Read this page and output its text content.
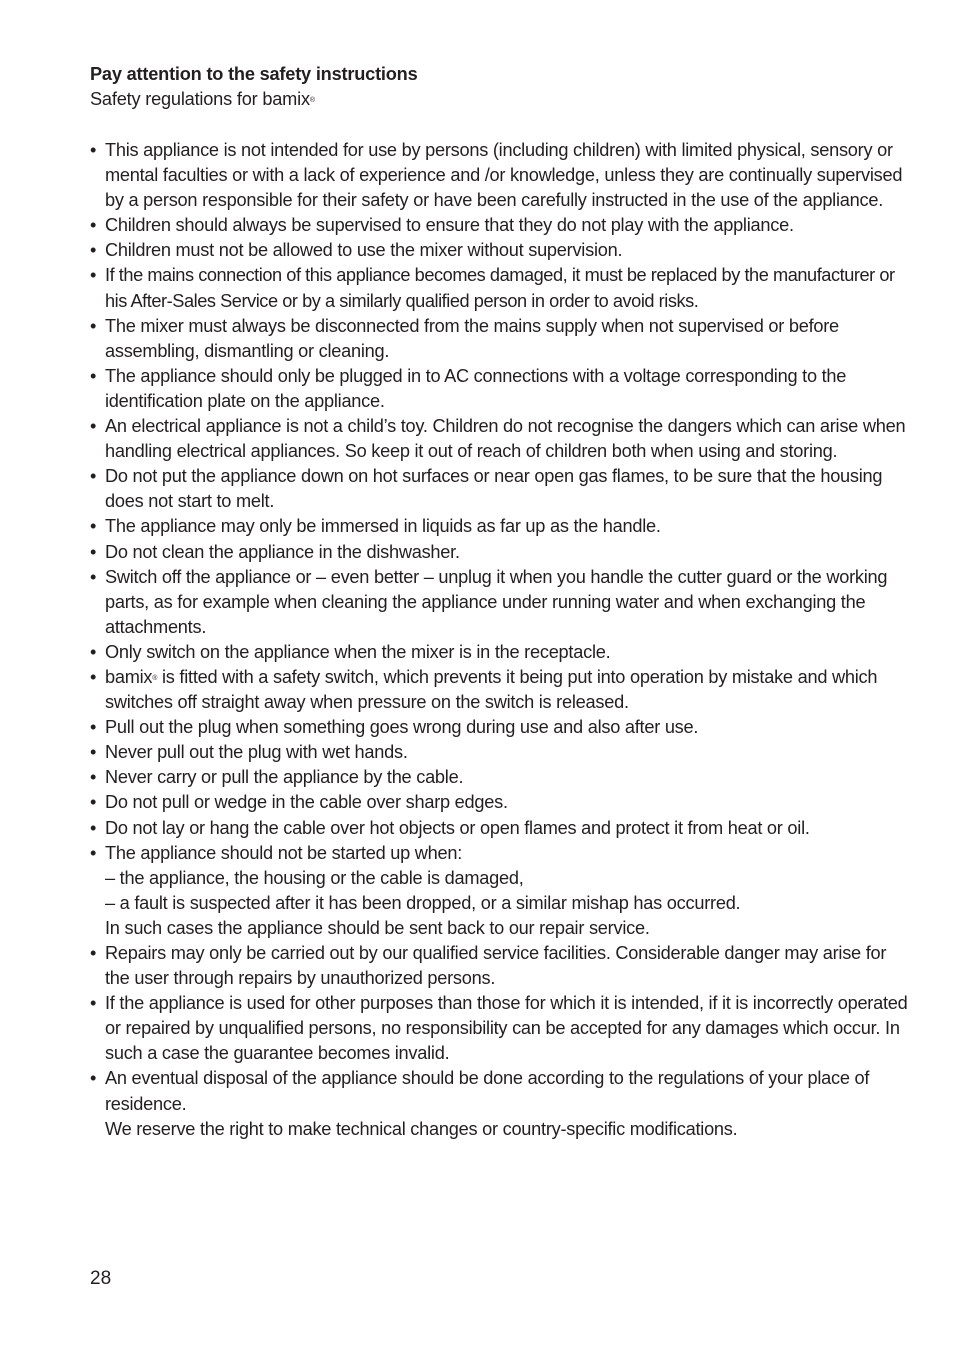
Pay attention to the safety instructions
Safety regulations for bamix®
• This appliance is not intended for use by persons (including children) with limited physical, sensory or mental faculties or with a lack of experience and /or knowledge, unless they are continually supervised by a person responsible for their safety or have been carefully instructed in the use of the appliance.
• Children should always be supervised to ensure that they do not play with the appliance.
• Children must not be allowed to use the mixer without supervision.
• If the mains connection of this appliance becomes damaged, it must be replaced by the manufacturer or his After-Sales Service or by a similarly qualified person in order to avoid risks.
• The mixer must always be disconnected from the mains supply when not supervised or before assembling, dismantling or cleaning.
• The appliance should only be plugged in to AC connections with a voltage corresponding to the identification plate on the appliance.
• An electrical appliance is not a child’s toy. Children do not recognise the dangers which can arise when handling electrical appliances. So keep it out of reach of children both when using and storing.
• Do not put the appliance down on hot surfaces or near open gas flames, to be sure that the housing does not start to melt.
• The appliance may only be immersed in liquids as far up as the handle.
• Do not clean the appliance in the dishwasher.
• Switch off the appliance or – even better – unplug it when you handle the cutter guard or the working parts, as for example when cleaning the appliance under running water and when exchanging the attachments.
• Only switch on the appliance when the mixer is in the receptacle.
• bamix® is fitted with a safety switch, which prevents it being put into operation by mistake and which switches off straight away when pressure on the switch is released.
• Pull out the plug when something goes wrong during use and also after use.
• Never pull out the plug with wet hands.
• Never carry or pull the appliance by the cable.
• Do not pull or wedge in the cable over sharp edges.
• Do not lay or hang the cable over hot objects or open flames and protect it from heat or oil.
• The appliance should not be started up when:
– the appliance, the housing or the cable is damaged,
– a fault is suspected after it has been dropped, or a similar mishap has occurred.
In such cases the appliance should be sent back to our repair service.
• Repairs may only be carried out by our qualified service facilities. Considerable danger may arise for the user through repairs by unauthorized persons.
• If the appliance is used for other purposes than those for which it is intended, if it is incorrectly operated or repaired by unqualified persons, no responsibility can be accepted for any damages which occur. In such a case the guarantee becomes invalid.
• An eventual disposal of the appliance should be done according to the regulations of your place of residence.
We reserve the right to make technical changes or country-specific modifications.
28
